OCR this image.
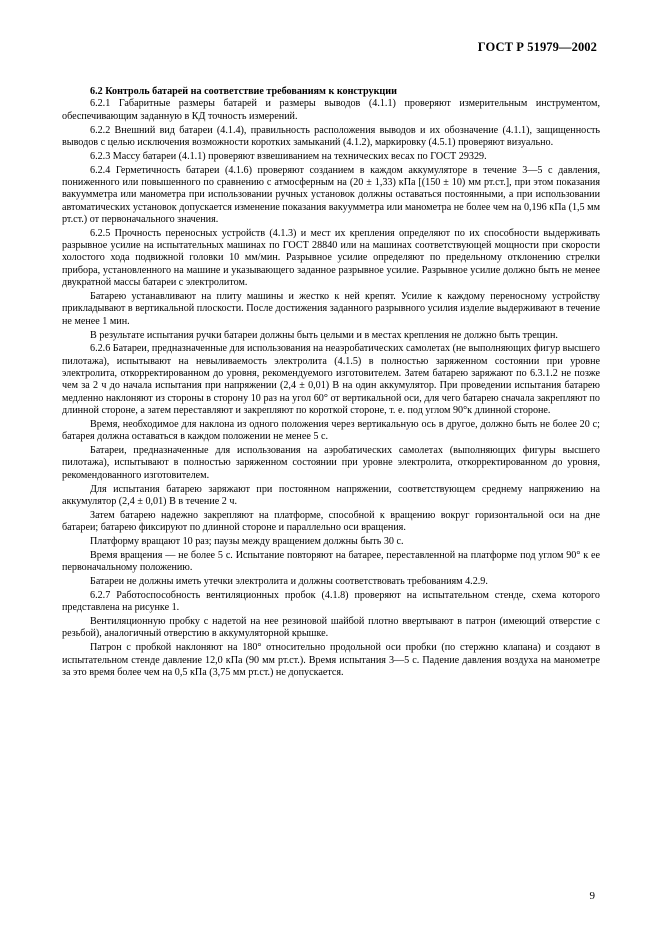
ГОСТ Р 51979—2002

6.2 Контроль батарей на соответствие требованиям к конструкции

6.2.1 Габаритные размеры батарей и размеры выводов (4.1.1) проверяют измерительным инструментом, обеспечивающим заданную в КД точность измерений.

6.2.2 Внешний вид батареи (4.1.4), правильность расположения выводов и их обозначение (4.1.1), защищенность выводов с целью исключения возможности коротких замыканий (4.1.2), маркировку (4.5.1) проверяют визуально.

6.2.3 Массу батареи (4.1.1) проверяют взвешиванием на технических весах по ГОСТ 29329.

6.2.4 Герметичность батареи (4.1.6) проверяют созданием в каждом аккумуляторе в течение 3—5 с давления, пониженного или повышенного по сравнению с атмосферным на (20 ± 1,33) кПа [(150 ± 10) мм рт.ст.], при этом показания вакуумметра или манометра при использовании ручных установок должны оставаться постоянными, а при использовании автоматических установок допускается изменение показания вакуумметра или манометра не более чем на 0,196 кПа (1,5 мм рт.ст.) от первоначального значения.

6.2.5 Прочность переносных устройств (4.1.3) и мест их крепления определяют по их способности выдерживать разрывное усилие на испытательных машинах по ГОСТ 28840 или на машинах соответствующей мощности при скорости холостого хода подвижной головки 10 мм/мин. Разрывное усилие определяют по предельному отклонению стрелки прибора, установленного на машине и указывающего заданное разрывное усилие. Разрывное усилие должно быть не менее двукратной массы батареи с электролитом.

Батарею устанавливают на плиту машины и жестко к ней крепят. Усилие к каждому переносному устройству прикладывают в вертикальной плоскости. После достижения заданного разрывного усилия изделие выдерживают в течение не менее 1 мин.

В результате испытания ручки батареи должны быть целыми и в местах крепления не должно быть трещин.

6.2.6 Батареи, предназначенные для использования на неаэробатических самолетах (не выполняющих фигур высшего пилотажа), испытывают на невыливаемость электролита (4.1.5) в полностью заряженном состоянии при уровне электролита, откорректированном до уровня, рекомендуемого изготовителем. Затем батарею заряжают по 6.3.1.2 не позже чем за 2 ч до начала испытания при напряжении (2,4 ± 0,01) В на один аккумулятор. При проведении испытания батарею медленно наклоняют из стороны в сторону 10 раз на угол 60° от вертикальной оси, для чего батарею сначала закрепляют по длинной стороне, а затем переставляют и закрепляют по короткой стороне, т. е. под углом 90°к длинной стороне.

Время, необходимое для наклона из одного положения через вертикальную ось в другое, должно быть не более 20 с; батарея должна оставаться в каждом положении не менее 5 с.

Батареи, предназначенные для использования на аэробатических самолетах (выполняющих фигуры высшего пилотажа), испытывают в полностью заряженном состоянии при уровне электролита, откорректированном до уровня, рекомендованного изготовителем.

Для испытания батарею заряжают при постоянном напряжении, соответствующем среднему напряжению на аккумулятор (2,4 ± 0,01) В в течение 2 ч.

Затем батарею надежно закрепляют на платформе, способной к вращению вокруг горизонтальной оси на дне батареи; батарею фиксируют по длинной стороне и параллельно оси вращения.

Платформу вращают 10 раз; паузы между вращением должны быть 30 с.

Время вращения — не более 5 с. Испытание повторяют на батарее, переставленной на платформе под углом 90° к ее первоначальному положению.

Батареи не должны иметь утечки электролита и должны соответствовать требованиям 4.2.9.

6.2.7 Работоспособность вентиляционных пробок (4.1.8) проверяют на испытательном стенде, схема которого представлена на рисунке 1.

Вентиляционную пробку с надетой на нее резиновой шайбой плотно ввертывают в патрон (имеющий отверстие с резьбой), аналогичный отверстию в аккумуляторной крышке.

Патрон с пробкой наклоняют на 180° относительно продольной оси пробки (по стержню клапана) и создают в испытательном стенде давление 12,0 кПа (90 мм рт.ст.). Время испытания 3—5 с. Падение давления воздуха на манометре за это время более чем на 0,5 кПа (3,75 мм рт.ст.) не допускается.

9
